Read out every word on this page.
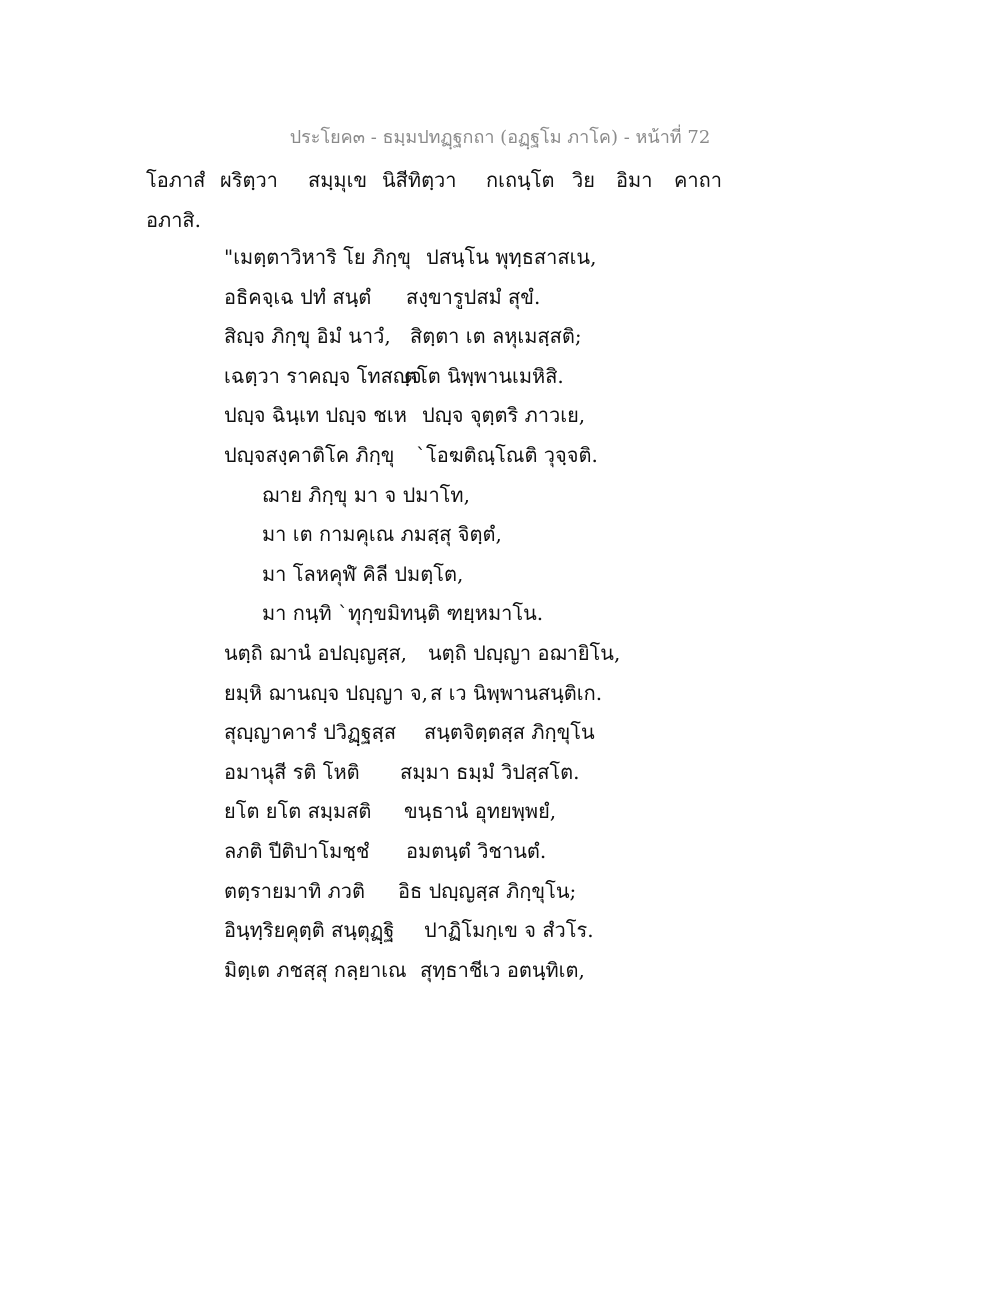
ประโยค๓ - ธมฺมปทฏฺฐกถา (อฏฺฐโม ภาโค) - หน้าที่ 72
โอภาสํ ผริตฺวา	สมฺมุเข นิสีทิตฺวา	กเถนฺโต วิย	อิมา	คาถา
อภาสิ.
"เมตฺตาวิหาริ โย ภิกฺขุ ปสนฺโน พุทฺธสาสเน,
อธิคจฺเฉ ปทํ สนฺตํ	สงฺขารูปสมํ สุขํ.
สิญฺจ ภิกฺขุ อิมํ นาวํ, สิตฺตา เต ลหุเมสฺสติ;
เฉตฺวา ราคญฺจ โทสญฺจ
ตโต นิพฺพานเมหิสิ.
ปญฺจ ฉินฺเท ปญฺจ ชเห ปญฺจ จุตฺตริ ภาวเย,
ปญฺจสงฺคาติโค ภิกฺขุ	`โอฆติณฺโณติ วุจฺจติ.
ฌาย ภิกฺขุ มา จ ปมาโท,
มา เต กามคุเณ ภมสฺสุ จิตฺตํ,
มา โลหคุฬํ คิลี ปมตฺโต,
มา กนฺทิ `ทุกฺขมิทนฺติ ฑยฺหมาโน.
นตฺถิ ฌานํ อปญฺญสฺส,	นตฺถิ ปญฺญา อฌายิโน,
ยมฺหิ ฌานญฺจ ปญฺญา จ, ส เว นิพฺพานสนฺติเก.
สุญฺญาคารํ ปวิฏฺฐสฺส	สนฺตจิตฺตสฺส ภิกฺขุโน
อมานุสี รติ โหติ	สมฺมา ธมฺมํ วิปสฺสโต.
ยโต ยโต สมฺมสติ	ขนฺธานํ อุทยพฺพยํ,
ลภติ ปีติปาโมชฺชํ	อมตนฺตํ วิชานตํ.
ตตฺรายมาทิ ภวติ	อิธ ปญฺญสฺส ภิกฺขุโน;
อินฺทฺริยคุตฺติ สนฺตุฏฺฐิ	ปาฏิโมกฺเข จ สํวโร.
มิตฺเต ภชสฺสุ กลฺยาเณ สุทฺธาชีเว อตนฺทิเต,
